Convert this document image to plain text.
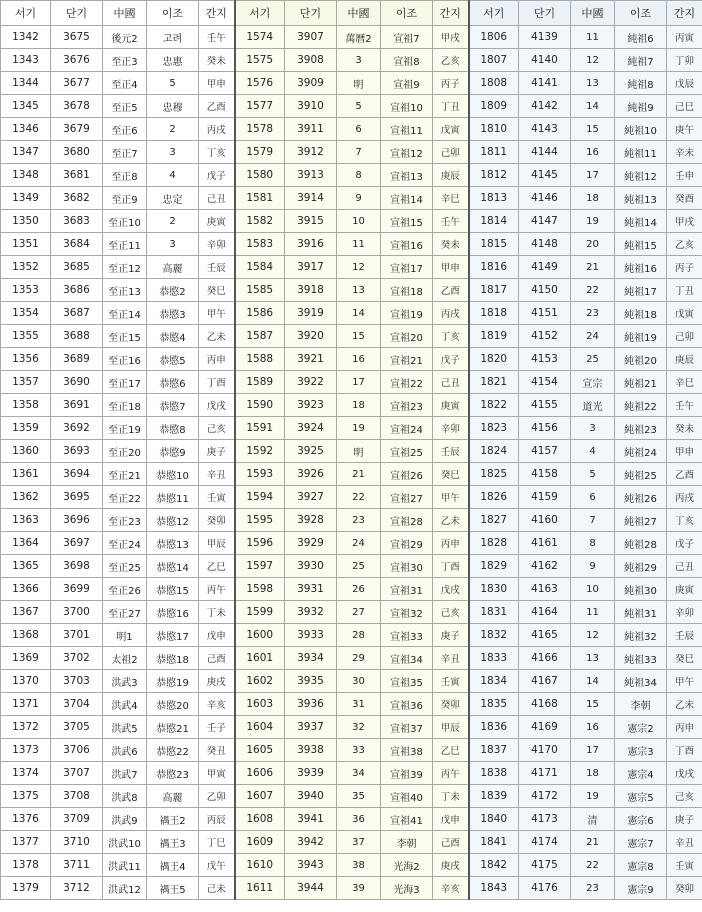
서기	단기	中國	이조	간지	서기	단기	中國	이조	간지	서기	단기	中國	이조	간지
1342	3675	後元2	고려	壬午	1574	3907	萬曆2	宣祖7	甲戌	1806	4139	11	純祖6	丙寅
1343	3676	至正3	忠惠	癸未	1575	3908	3	宣祖8	乙亥	1807	4140	12	純祖7	丁卯
1344	3677	至正4	5	甲申	1576	3909	明	宣祖9	丙子	1808	4141	13	純祖8	戊辰
1345	3678	至正5	忠穆	乙酉	1577	3910	5	宣祖10	丁丑	1809	4142	14	純祖9	己巳
1346	3679	至正6	2	丙戌	1578	3911	6	宣祖11	戊寅	1810	4143	15	純祖10	庚午
1347	3680	至正7	3	丁亥	1579	3912	7	宣祖12	己卯	1811	4144	16	純祖11	辛未
1348	3681	至正8	4	戊子	1580	3913	8	宣祖13	庚辰	1812	4145	17	純祖12	壬申
1349	3682	至正9	忠定	己丑	1581	3914	9	宣祖14	辛巳	1813	4146	18	純祖13	癸酉
1350	3683	至正10	2	庚寅	1582	3915	10	宣祖15	壬午	1814	4147	19	純祖14	甲戌
1351	3684	至正11	3	辛卯	1583	3916	11	宣祖16	癸未	1815	4148	20	純祖15	乙亥
1352	3685	至正12	高麗	壬辰	1584	3917	12	宣祖17	甲申	1816	4149	21	純祖16	丙子
1353	3686	至正13	恭愍2	癸巳	1585	3918	13	宣祖18	乙酉	1817	4150	22	純祖17	丁丑
1354	3687	至正14	恭愍3	甲午	1586	3919	14	宣祖19	丙戌	1818	4151	23	純祖18	戊寅
1355	3688	至正15	恭愍4	乙未	1587	3920	15	宣祖20	丁亥	1819	4152	24	純祖19	己卯
1356	3689	至正16	恭愍5	丙申	1588	3921	16	宣祖21	戊子	1820	4153	25	純祖20	庚辰
1357	3690	至正17	恭愍6	丁酉	1589	3922	17	宣祖22	己丑	1821	4154	宣宗	純祖21	辛巳
1358	3691	至正18	恭愍7	戊戌	1590	3923	18	宣祖23	庚寅	1822	4155	道光	純祖22	壬午
1359	3692	至正19	恭愍8	己亥	1591	3924	19	宣祖24	辛卯	1823	4156	3	純祖23	癸未
1360	3693	至正20	恭愍9	庚子	1592	3925	明	宣祖25	壬辰	1824	4157	4	純祖24	甲申
1361	3694	至正21	恭愍10	辛丑	1593	3926	21	宣祖26	癸巳	1825	4158	5	純祖25	乙酉
1362	3695	至正22	恭愍11	壬寅	1594	3927	22	宣祖27	甲午	1826	4159	6	純祖26	丙戌
1363	3696	至正23	恭愍12	癸卯	1595	3928	23	宣祖28	乙未	1827	4160	7	純祖27	丁亥
1364	3697	至正24	恭愍13	甲辰	1596	3929	24	宣祖29	丙申	1828	4161	8	純祖28	戊子
1365	3698	至正25	恭愍14	乙巳	1597	3930	25	宣祖30	丁酉	1829	4162	9	純祖29	己丑
1366	3699	至正26	恭愍15	丙午	1598	3931	26	宣祖31	戊戌	1830	4163	10	純祖30	庚寅
1367	3700	至正27	恭愍16	丁未	1599	3932	27	宣祖32	己亥	1831	4164	11	純祖31	辛卯
1368	3701	明1	恭愍17	戊申	1600	3933	28	宣祖33	庚子	1832	4165	12	純祖32	壬辰
1369	3702	太祖2	恭愍18	己酉	1601	3934	29	宣祖34	辛丑	1833	4166	13	純祖33	癸巳
1370	3703	洪武3	恭愍19	庚戌	1602	3935	30	宣祖35	壬寅	1834	4167	14	純祖34	甲午
1371	3704	洪武4	恭愍20	辛亥	1603	3936	31	宣祖36	癸卯	1835	4168	15	李朝	乙未
1372	3705	洪武5	恭愍21	壬子	1604	3937	32	宣祖37	甲辰	1836	4169	16	憲宗2	丙申
1373	3706	洪武6	恭愍22	癸丑	1605	3938	33	宣祖38	乙巳	1837	4170	17	憲宗3	丁酉
1374	3707	洪武7	恭愍23	甲寅	1606	3939	34	宣祖39	丙午	1838	4171	18	憲宗4	戊戌
1375	3708	洪武8	高麗	乙卯	1607	3940	35	宣祖40	丁未	1839	4172	19	憲宗5	己亥
1376	3709	洪武9	禑王2	丙辰	1608	3941	36	宣祖41	戊申	1840	4173	清	憲宗6	庚子
1377	3710	洪武10	禑王3	丁巳	1609	3942	37	李朝	己酉	1841	4174	21	憲宗7	辛丑
1378	3711	洪武11	禑王4	戊午	1610	3943	38	光海2	庚戌	1842	4175	22	憲宗8	壬寅
1379	3712	洪武12	禑王5	己未	1611	3944	39	光海3	辛亥	1843	4176	23	憲宗9	癸卯
